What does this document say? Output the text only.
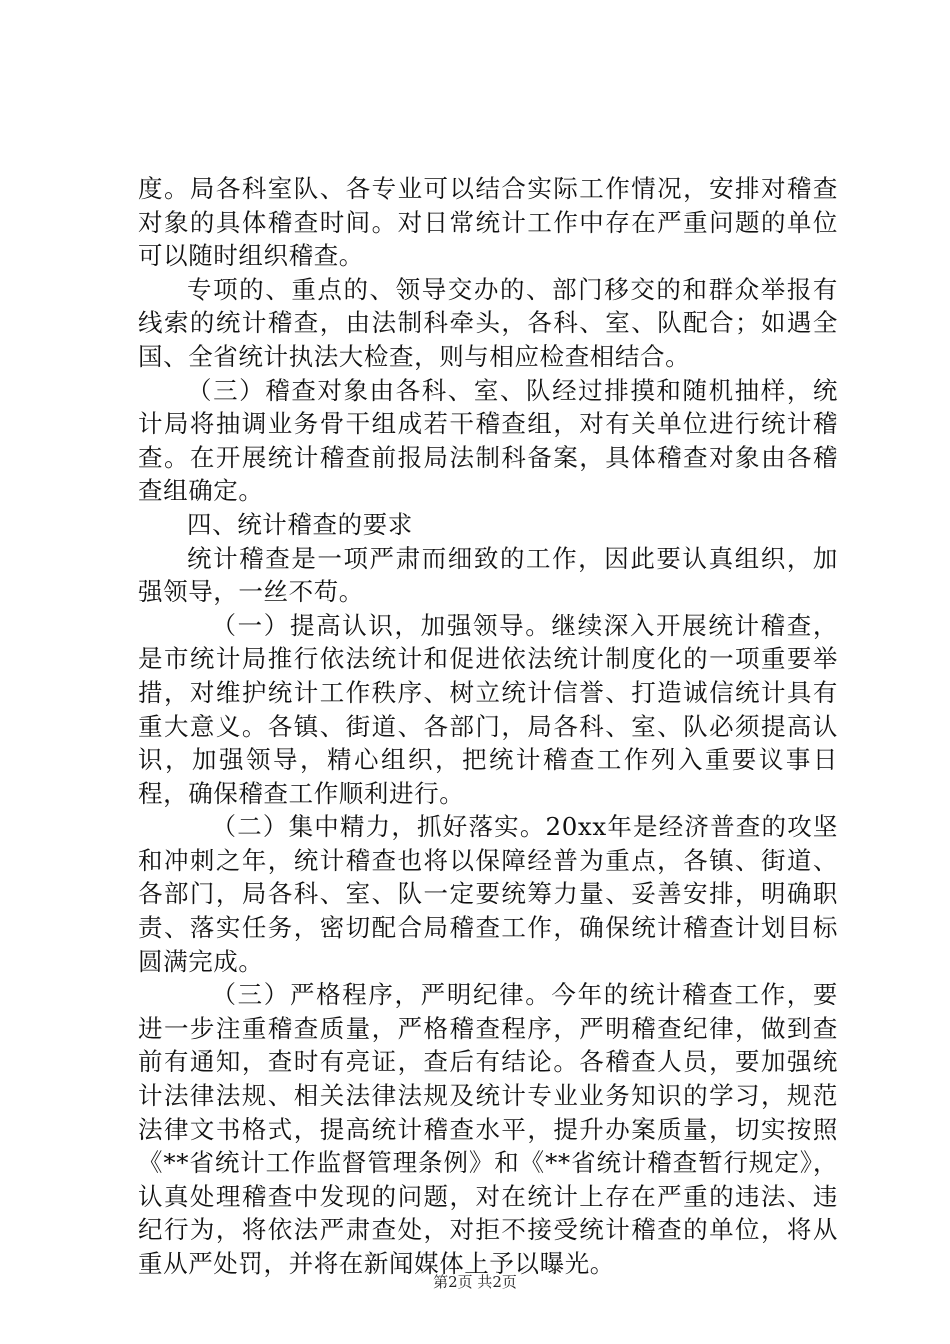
度。局各科室队、各专业可以结合实际工作情况，安排对稽查对象的具体稽查时间。对日常统计工作中存在严重问题的单位可以随时组织稽查。

专项的、重点的、领导交办的、部门移交的和群众举报有线索的统计稽查，由法制科牵头，各科、室、队配合；如遇全国、全省统计执法大检查，则与相应检查相结合。

（三）稽查对象由各科、室、队经过排摸和随机抽样，统计局将抽调业务骨干组成若干稽查组，对有关单位进行统计稽查。在开展统计稽查前报局法制科备案，具体稽查对象由各稽查组确定。

四、统计稽查的要求

统计稽查是一项严肃而细致的工作，因此要认真组织，加强领导，一丝不苟。

（一）提高认识，加强领导。继续深入开展统计稽查，是市统计局推行依法统计和促进依法统计制度化的一项重要举措，对维护统计工作秩序、树立统计信誉、打造诚信统计具有重大意义。各镇、街道、各部门，局各科、室、队必须提高认识，加强领导，精心组织，把统计稽查工作列入重要议事日程，确保稽查工作顺利进行。

（二）集中精力，抓好落实。20xx年是经济普查的攻坚和冲刺之年，统计稽查也将以保障经普为重点，各镇、街道、各部门，局各科、室、队一定要统筹力量、妥善安排，明确职责、落实任务，密切配合局稽查工作，确保统计稽查计划目标圆满完成。

（三）严格程序，严明纪律。今年的统计稽查工作，要进一步注重稽查质量，严格稽查程序，严明稽查纪律，做到查前有通知，查时有亮证，查后有结论。各稽查人员，要加强统计法律法规、相关法律法规及统计专业业务知识的学习，规范法律文书格式，提高统计稽查水平，提升办案质量，切实按照《**省统计工作监督管理条例》和《**省统计稽查暂行规定》，认真处理稽查中发现的问题，对在统计上存在严重的违法、违纪行为，将依法严肃查处，对拒不接受统计稽查的单位，将从重从严处罚，并将在新闻媒体上予以曝光。

第2页 共2页
